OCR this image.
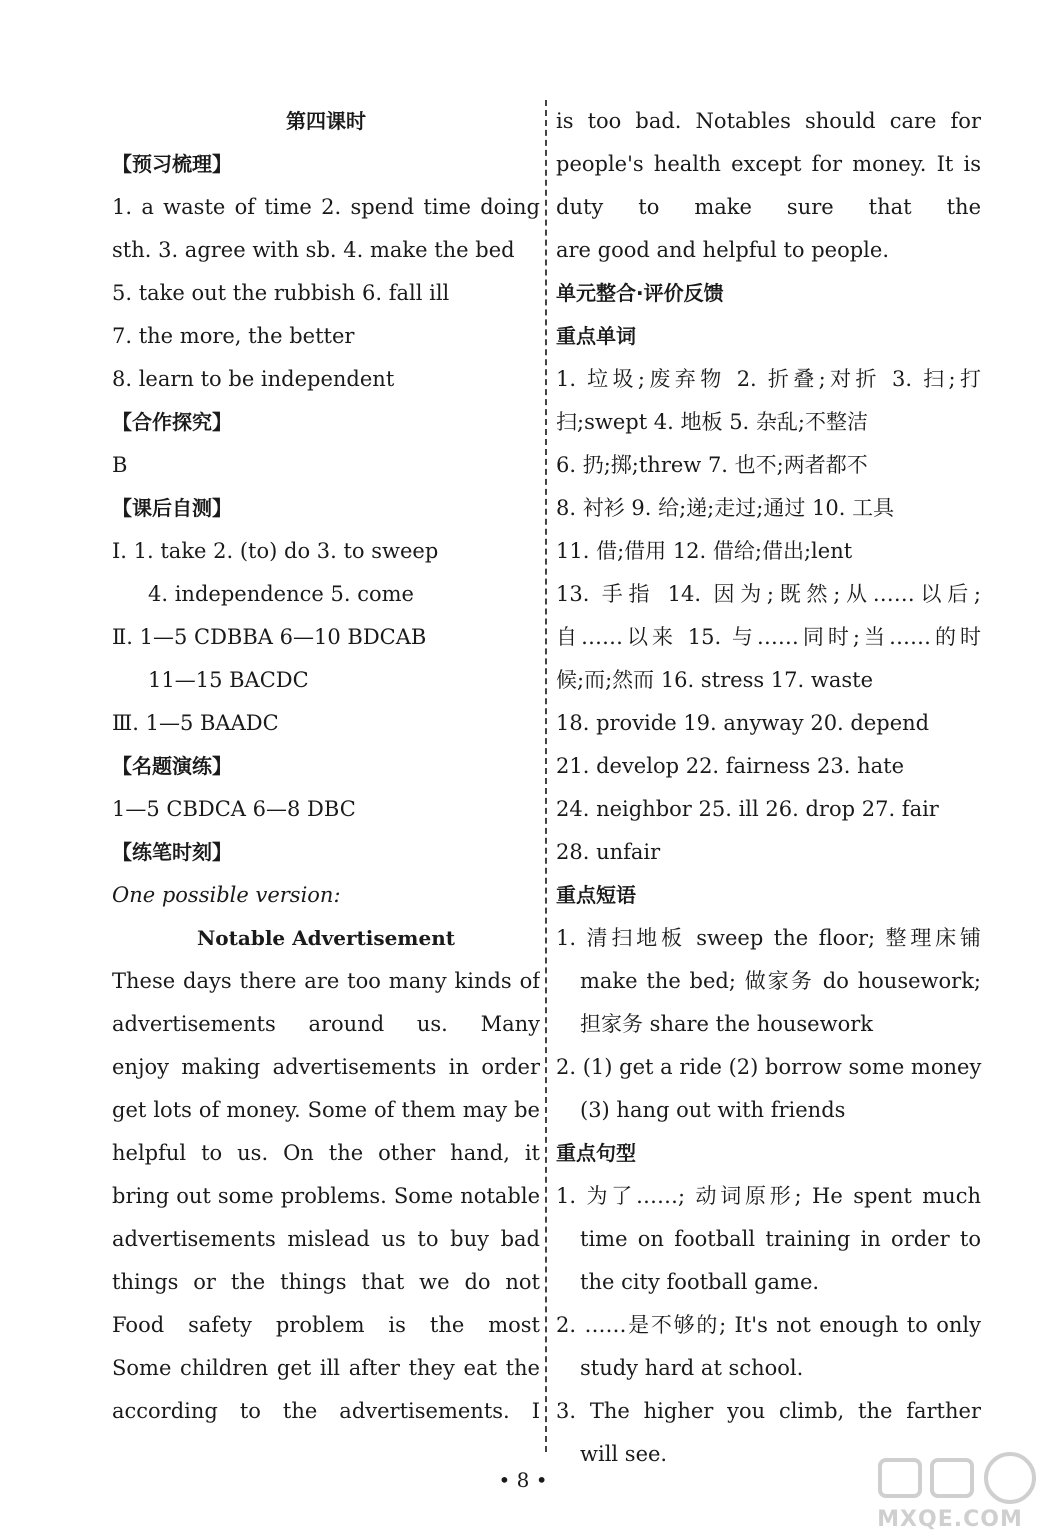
第四课时
【预习梳理】
1. a waste of time 2. spend time doing
sth. 3. agree with sb. 4. make the bed
5. take out the rubbish 6. fall ill
7. the more, the better
8. learn to be independent
【合作探究】
B
【课后自测】
Ⅰ. 1. take 2. (to) do 3. to sweep
4. independence 5. come
Ⅱ. 1—5 CDBBA 6—10 BDCAB
11—15 BACDC
Ⅲ. 1—5 BAADC
【名题演练】
1—5 CBDCA 6—8 DBC
【练笔时刻】
One possible version:
Notable Advertisement
These days there are too many kinds of
advertisements around us. Many
enjoy making advertisements in order
get lots of money. Some of them may be
helpful to us. On the other hand, it
bring out some problems. Some notable
advertisements mislead us to buy bad
things or the things that we do not
Food safety problem is the most
Some children get ill after they eat the
according to the advertisements. I
is too bad. Notables should care for
people's health except for money. It is
duty to make sure that the
are good and helpful to people.
单元整合·评价反馈
重点单词
1. 垃圾;废弃物 2. 折叠;对折 3. 扫;打
扫;swept 4. 地板 5. 杂乱;不整洁
6. 扔;掷;threw 7. 也不;两者都不
8. 衬衫 9. 给;递;走过;通过 10. 工具
11. 借;借用 12. 借给;借出;lent
13. 手指 14. 因为;既然;从……以后;
自……以来 15. 与……同时;当……的时
候;而;然而 16. stress 17. waste
18. provide 19. anyway 20. depend
21. develop 22. fairness 23. hate
24. neighbor 25. ill 26. drop 27. fair
28. unfair
重点短语
1. 清扫地板 sweep the floor; 整理床铺
make the bed; 做家务 do housework;
担家务 share the housework
2. (1) get a ride (2) borrow some money
(3) hang out with friends
重点句型
1. 为了……; 动词原形; He spent much
time on football training in order to
the city football game.
2. ……是不够的; It's not enough to only
study hard at school.
3. The higher you climb, the farther
will see.
• 8 •
MXQE.COM
